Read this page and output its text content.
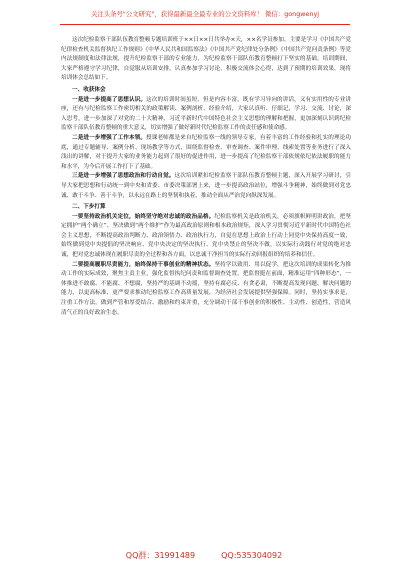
关注头条号"公文研究"，获得最新最全最专业的公文资料库！ 微信：gongwenyj

这次纪检监察干部队伍教育整顿专题培训班于××日××日共举办×天，××名学员参加。主要是学习《中国共产党纪律检查机关监督执纪工作规则》《中华人民共和国监察法》《中国共产党纪律处分条例》《中国共产党问责条例》等党内法规制度和法律法规，提升纪检监察干部的专业能力，为纪检监察干部队伍教育整顿打下坚实的基础。培训期间，大家严格遵守学习纪律，自觉服从培训安排，认真参加学习讨论，积极交流体会心得，达到了预期的培训效果，现将培训体会总结如下。

一、收获体会

一是进一步提高了思想认识。这次的培训时间虽短，但是内容丰富，既有学习导向的讲话，又有实用性的专业讲座，还有与纪检监察工作密切相关的政策解读、案例剖析、经验介绍，大家认真听、仔细记，学习、交流、讨论，深入思考，进一步加深了对党的二十大精神、习近平新时代中国特色社会主义思想的理解和把握，更加深刻认识到纪检监察干部队伍教育整顿的重大意义，切实增强了做好新时代纪检监察工作的责任感和使命感。

二是进一步增强了工作本领。授课老师都是来自纪检监察一线的领导专家，有着丰富的工作经验和扎实的理论功底，通过专题辅导、案例分析、现场教学等方式，围绕监督检查、审查调查、案件审理、线索处置等业务进行了深入浅出的讲解，对于提升大家的业务能力起到了很好的促进作用，进一步提高了纪检监察干部依规依纪依法履职的能力和水平，为今后开展工作打下了基础。

三是进一步增强了思想政治和行动自觉。这次培训紧扣纪检监察干部队伍教育整顿主题，深入开展学习研讨，引导大家把思想和行动统一到中央和省委、市委决策部署上来，进一步提高政治站位，增强斗争精神，始终做到对党忠诚、敢于斗争、善于斗争，以永远在路上的坚韧和执着，推动全面从严治党向纵深发展。

二、下步打算

一要坚持政治机关定位，始终坚守绝对忠诚的政治品格。纪检监察机关是政治机关，必须旗帜鲜明讲政治，把坚定拥护“两个确立”、坚决做到“两个维护”作为最高政治原则和根本政治规矩，深入学习贯彻习近平新时代中国特色社会主义思想，不断提高政治判断力、政治领悟力、政治执行力，自觉在思想上政治上行动上同党中央保持高度一致，始终做到党中央提倡的坚决响应、党中央决定的坚决执行、党中央禁止的坚决不做，以实际行动践行对党的绝对忠诚，把对党忠诚体现在履职尽责的全过程和各方面，以忠诚干净担当的实际行动回报组织的培养和信任。

二要提高履职尽责能力，始终保持干事创业的精神状态。坚持学以致用、用以促学，把这次培训的成果转化为推动工作的实际成效，聚焦主责主业，强化监督执纪问责和监督调查处置，把监督挺在前面，精准运用“四种形态”，一体推进不敢腐、不能腐、不想腐，坚持严的基调不动摇，坚持有腐必反、有贪必肃，不断提高发现问题、解决问题的能力，以更高标准、更严要求推动纪检监察工作高质量发展，为经济社会发展提供坚强保障。同时，坚持实事求是，注重工作方法，做到严管和厚爱结合、激励和约束并重，充分调动干部干事创业的积极性、主动性、创造性，营造风清气正的良好政治生态。

QQ群：31991489	QQ:535304092
